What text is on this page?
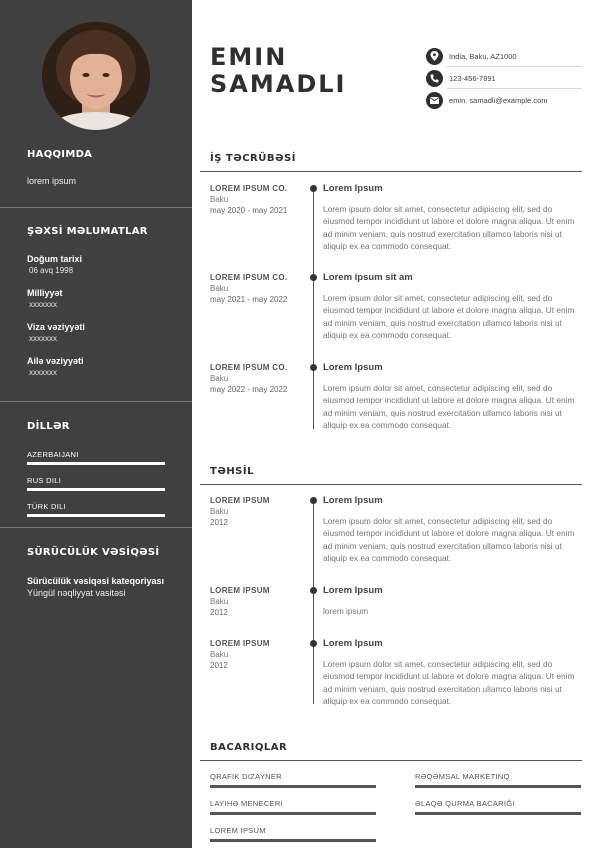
HAQQIMDA
lorem ipsum
ŞƏXSİ MƏLUMATLAR
Doğum tarixi
06 avq 1998
Milliyyət
xxxxxxx
Viza vəziyyəti
xxxxxxx
Ailə vəziyyəti
xxxxxxx
DİLLƏR
AZERBAIJANI
RUS DILI
TÜRK DILI
SÜRÜCÜLÜK VƏSİQƏSİ
Sürücülük vəsiqəsi kateqoriyası
Yüngül nəqliyyat vasitəsi
EMIN
SAMADLI
India, Baku, AZ1000
123-456-7891
emin. samadli@example.com
İŞ TƏCRÜBƏSİ
LOREM IPSUM CO.
Baku
may 2020 - may 2021
Lorem Ipsum
Lorem ipsum dolor sit amet, consectetur adipiscing elit, sed do eiusmod tempor incididunt ut labore et dolore magna aliqua. Ut enim ad minim veniam, quis nostrud exercitation ullamco laboris nisi ut aliquip ex ea commodo consequat.
LOREM IPSUM CO.
Baku
may 2021 - may 2022
Lorem ipsum sit am
Lorem ipsum dolor sit amet, consectetur adipiscing elit, sed do eiusmod tempor incididunt ut labore et dolore magna aliqua. Ut enim ad minim veniam, quis nostrud exercitation ullamco laboris nisi ut aliquip ex ea commodo consequat.
LOREM IPSUM CO.
Baku
may 2022 - may 2022
Lorem Ipsum
Lorem ipsum dolor sit amet, consectetur adipiscing elit, sed do eiusmod tempor incididunt ut labore et dolore magna aliqua. Ut enim ad minim veniam, quis nostrud exercitation ullamco laboris nisi ut aliquip ex ea commodo consequat.
TƏHSİL
LOREM IPSUM
Baku
2012
Lorem Ipsum
Lorem ipsum dolor sit amet, consectetur adipiscing elit, sed do eiusmod tempor incididunt ut labore et dolore magna aliqua. Ut enim ad minim veniam, quis nostrud exercitation ullamco laboris nisi ut aliquip ex ea commodo consequat.
LOREM IPSUM
Baku
2012
Lorem Ipsum
lorem ipsum
LOREM IPSUM
Baku
2012
Lorem Ipsum
Lorem ipsum dolor sit amet, consectetur adipiscing elit, sed do eiusmod tempor incididunt ut labore et dolore magna aliqua. Ut enim ad minim veniam, quis nostrud exercitation ullamco laboris nisi ut aliquip ex ea commodo consequat.
BACARIQLAR
QRAFIK DIZAYNER	RƏQƏMSAL MARKETINQ
LAYIHƏ MENECERI	ƏLAQƏ QURMA BACARIĞI
LOREM IPSUM
